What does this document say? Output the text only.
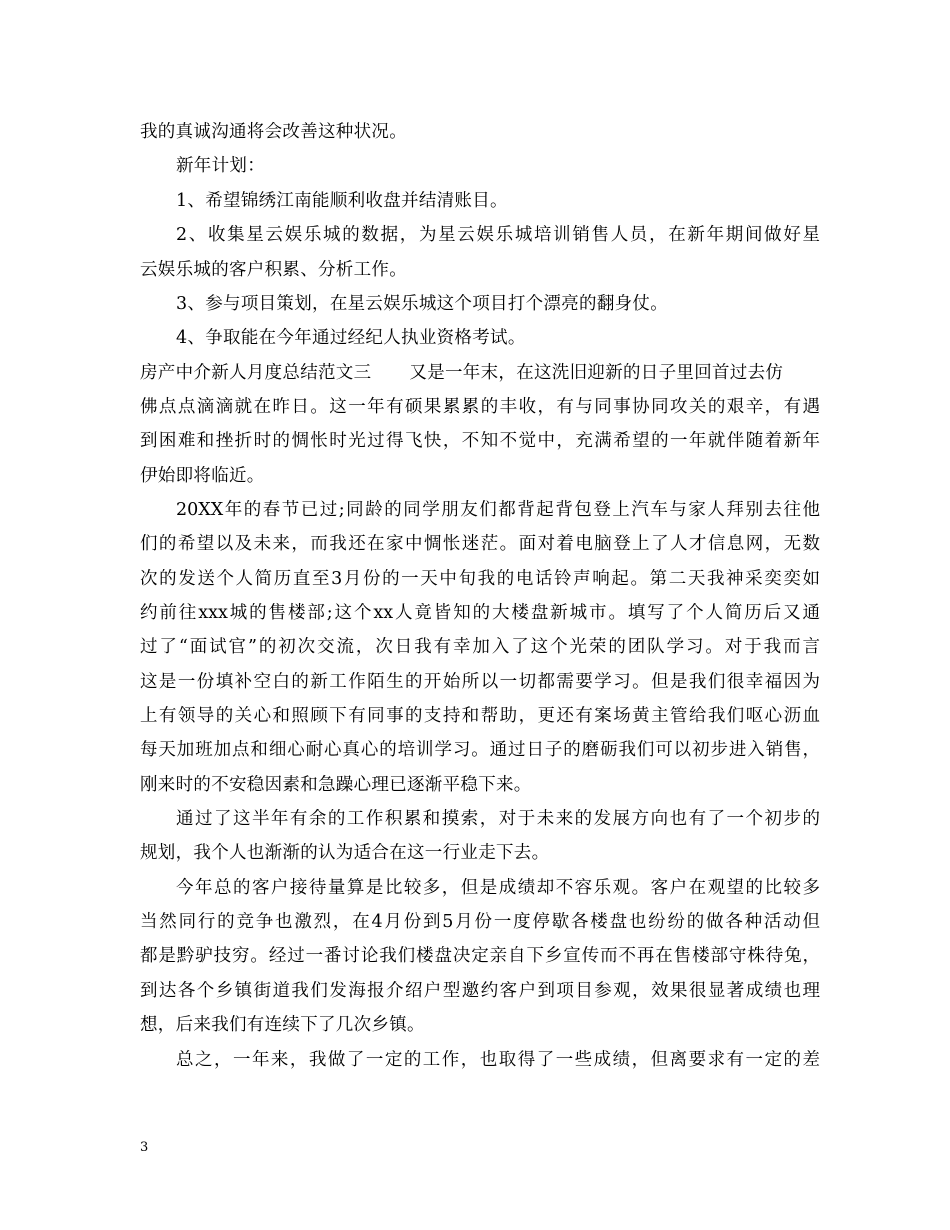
我的真诚沟通将会改善这种状况。
新年计划：
1、希望锦绣江南能顺利收盘并结清账目。
2、收集星云娱乐城的数据，为星云娱乐城培训销售人员，在新年期间做好星
云娱乐城的客户积累、分析工作。
3、参与项目策划，在星云娱乐城这个项目打个漂亮的翻身仗。
4、争取能在今年通过经纪人执业资格考试。
房产中介新人月度总结范文三 又是一年末，在这洗旧迎新的日子里回首过去仿
佛点点滴滴就在昨日。这一年有硕果累累的丰收，有与同事协同攻关的艰辛，有遇
到困难和挫折时的惆怅时光过得飞快，不知不觉中，充满希望的一年就伴随着新年
伊始即将临近。
20XX年的春节已过;同龄的同学朋友们都背起背包登上汽车与家人拜别去往他
们的希望以及未来，而我还在家中惆怅迷茫。面对着电脑登上了人才信息网，无数
次的发送个人简历直至3月份的一天中旬我的电话铃声响起。第二天我神采奕奕如
约前往xxx城的售楼部;这个xx人竟皆知的大楼盘新城市。填写了个人简历后又通
过了“面试官”的初次交流，次日我有幸加入了这个光荣的团队学习。对于我而言
这是一份填补空白的新工作陌生的开始所以一切都需要学习。但是我们很幸福因为
上有领导的关心和照顾下有同事的支持和帮助，更还有案场黄主管给我们呕心沥血
每天加班加点和细心耐心真心的培训学习。通过日子的磨砺我们可以初步进入销售，
刚来时的不安稳因素和急躁心理已逐渐平稳下来。
通过了这半年有余的工作积累和摸索，对于未来的发展方向也有了一个初步的
规划，我个人也渐渐的认为适合在这一行业走下去。
今年总的客户接待量算是比较多，但是成绩却不容乐观。客户在观望的比较多
当然同行的竞争也激烈，在4月份到5月份一度停歇各楼盘也纷纷的做各种活动但
都是黔驴技穷。经过一番讨论我们楼盘决定亲自下乡宣传而不再在售楼部守株待兔，
到达各个乡镇街道我们发海报介绍户型邀约客户到项目参观，效果很显著成绩也理
想，后来我们有连续下了几次乡镇。
总之，一年来，我做了一定的工作，也取得了一些成绩，但离要求有一定的差
3
